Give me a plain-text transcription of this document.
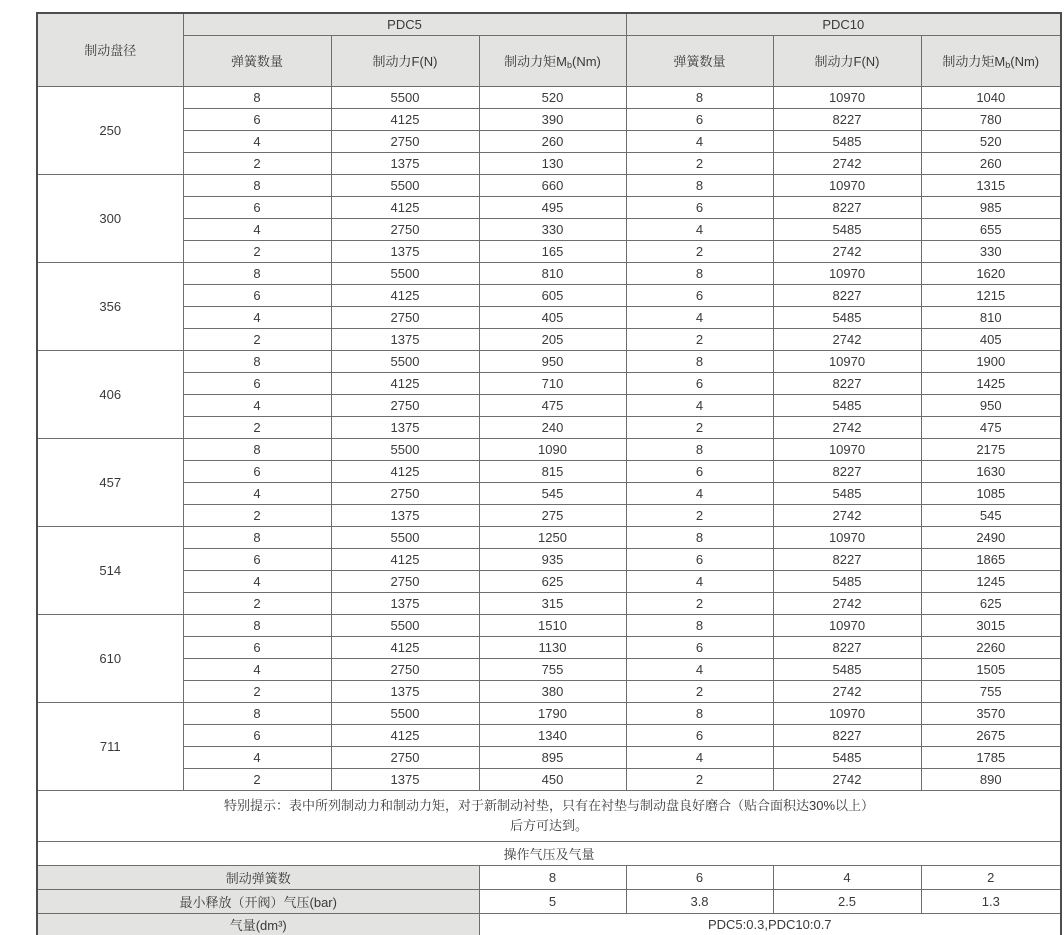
制动盘径	PDC5			PDC10		
	弹簧数量	制动力F(N)	制动力矩$M_b(Nm)$	弹簧数量	制动力F(N)	制动力矩$M_b(Nm)$
250	8	5500	520	8	10970	1040
	6	4125	390	6	8227	780
	4	2750	260	4	5485	520
	2	1375	130	2	2742	260
300	8	5500	660	8	10970	1315
	6	4125	495	6	8227	985
	4	2750	330	4	5485	655
	2	1375	165	2	2742	330
356	8	5500	810	8	10970	1620
	6	4125	605	6	8227	1215
	4	2750	405	4	5485	810
	2	1375	205	2	2742	405
406	8	5500	950	8	10970	1900
	6	4125	710	6	8227	1425
	4	2750	475	4	5485	950
	2	1375	240	2	2742	475
457	8	5500	1090	8	10970	2175
	6	4125	815	6	8227	1630
	4	2750	545	4	5485	1085
	2	1375	275	2	2742	545
514	8	5500	1250	8	10970	2490
	6	4125	935	6	8227	1865
	4	2750	625	4	5485	1245
	2	1375	315	2	2742	625
610	8	5500	1510	8	10970	3015
	6	4125	1130	6	8227	2260
	4	2750	755	4	5485	1505
	2	1375	380	2	2742	755
711	8	5500	1790	8	10970	3570
	6	4125	1340	6	8227	2675
	4	2750	895	4	5485	1785
	2	1375	450	2	2742	890

特别提示：表中所列制动力和制动力矩，对于新制动衬垫，只有在衬垫与制动盘良好磨合（贴合面积达30%以上）
后方可达到。						

操作气压及气量						
制动弹簧数			8	6	4	2
最小释放（开阀）气压(bar)			5	3.8	2.5	1.3
气量(dm³)			PDC5:0.3,PDC10:0.7			
